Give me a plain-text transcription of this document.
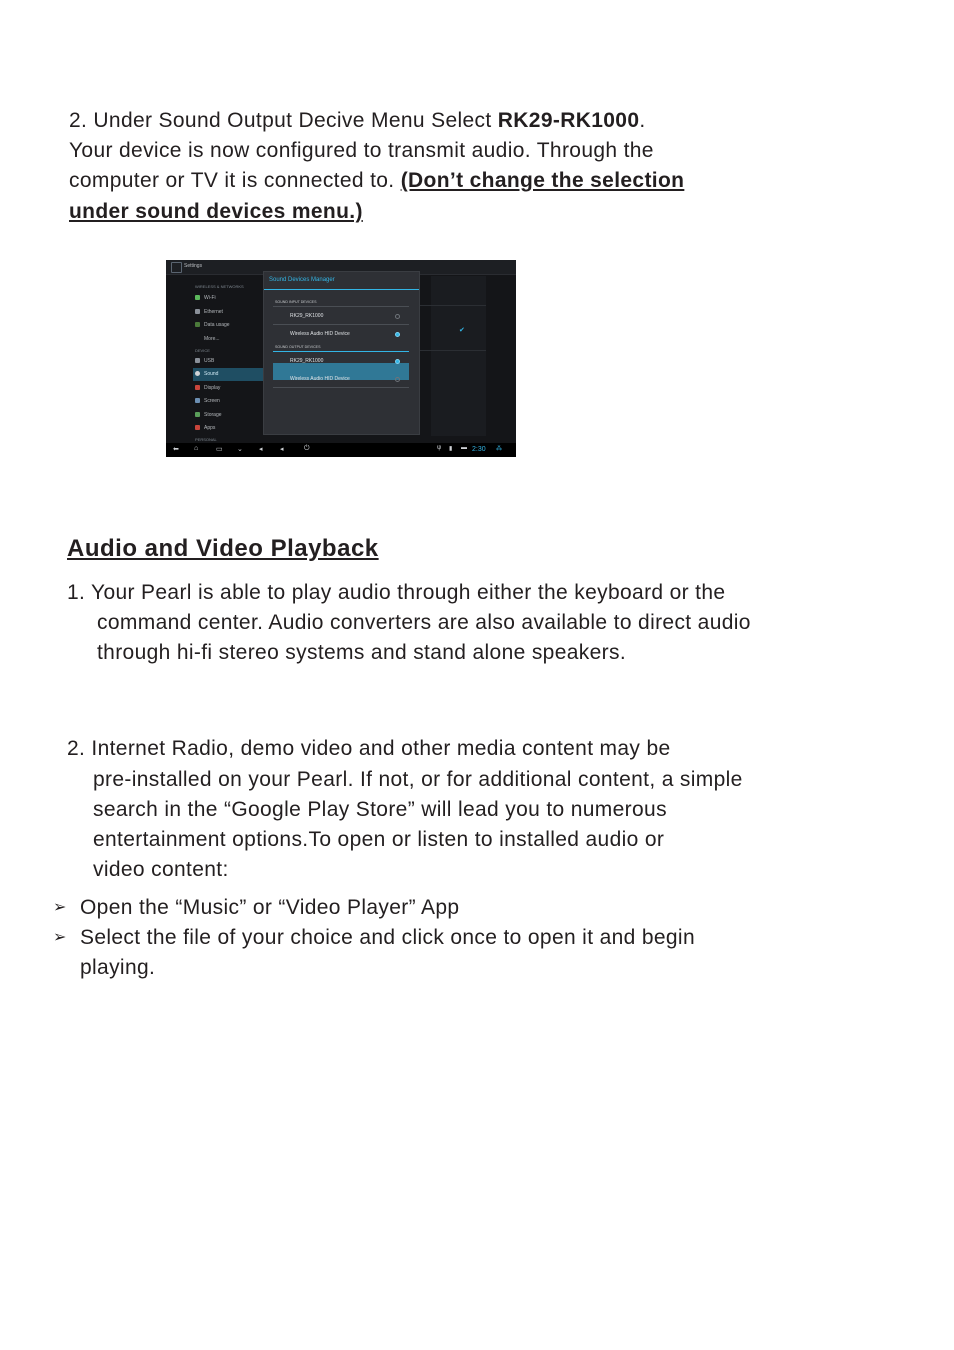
2. Under Sound Output Decive Menu Select RK29-RK1000.
Your device is now configured to transmit audio. Through the
computer or TV it is connected to. (Don’t change the selection
under sound devices menu.)
Settings
✔
WIRELESS & NETWORKS
Wi-Fi
Ethernet
Data usage
More...
DEVICE
USB
Sound
Display
Screen
Storage
Apps
PERSONAL
Sound Devices Manager
SOUND INPUT DEVICES
RK29_RK1000
Wireless Audio HID Device
SOUND OUTPUT DEVICES
RK29_RK1000
Wireless Audio HID Device
⬅ ⌂	▭ ⌄ ◂ ◂	⏻	ψ ▮ ▬ 2:30 ⁂
Audio and Video Playback
1. Your Pearl is able to play audio through either the keyboard or the
command center. Audio converters are also available to direct audio
through hi-fi stereo systems and stand alone speakers.
2. Internet Radio, demo video and other media content may be
pre-installed on your Pearl. If not, or for additional content, a simple
search in the “Google Play Store” will lead you to numerous
entertainment options.To open or listen to installed audio or
video content:
➢ Open the “Music” or “Video Player” App
➢ Select the file of your choice and click once to open it and begin
playing.
